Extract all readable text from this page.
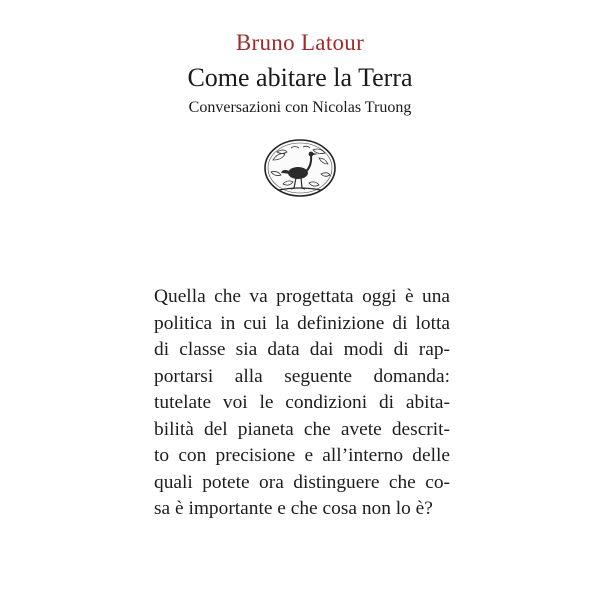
Bruno Latour
Come abitare la Terra
Conversazioni con Nicolas Truong
Quella che va progettata oggi è una
politica in cui la definizione di lotta
di classe sia data dai modi di rap-
portarsi alla seguente domanda:
tutelate voi le condizioni di abita-
bilità del pianeta che avete descrit-
to con precisione e all’interno delle
quali potete ora distinguere che co-
sa è importante e che cosa non lo è?
